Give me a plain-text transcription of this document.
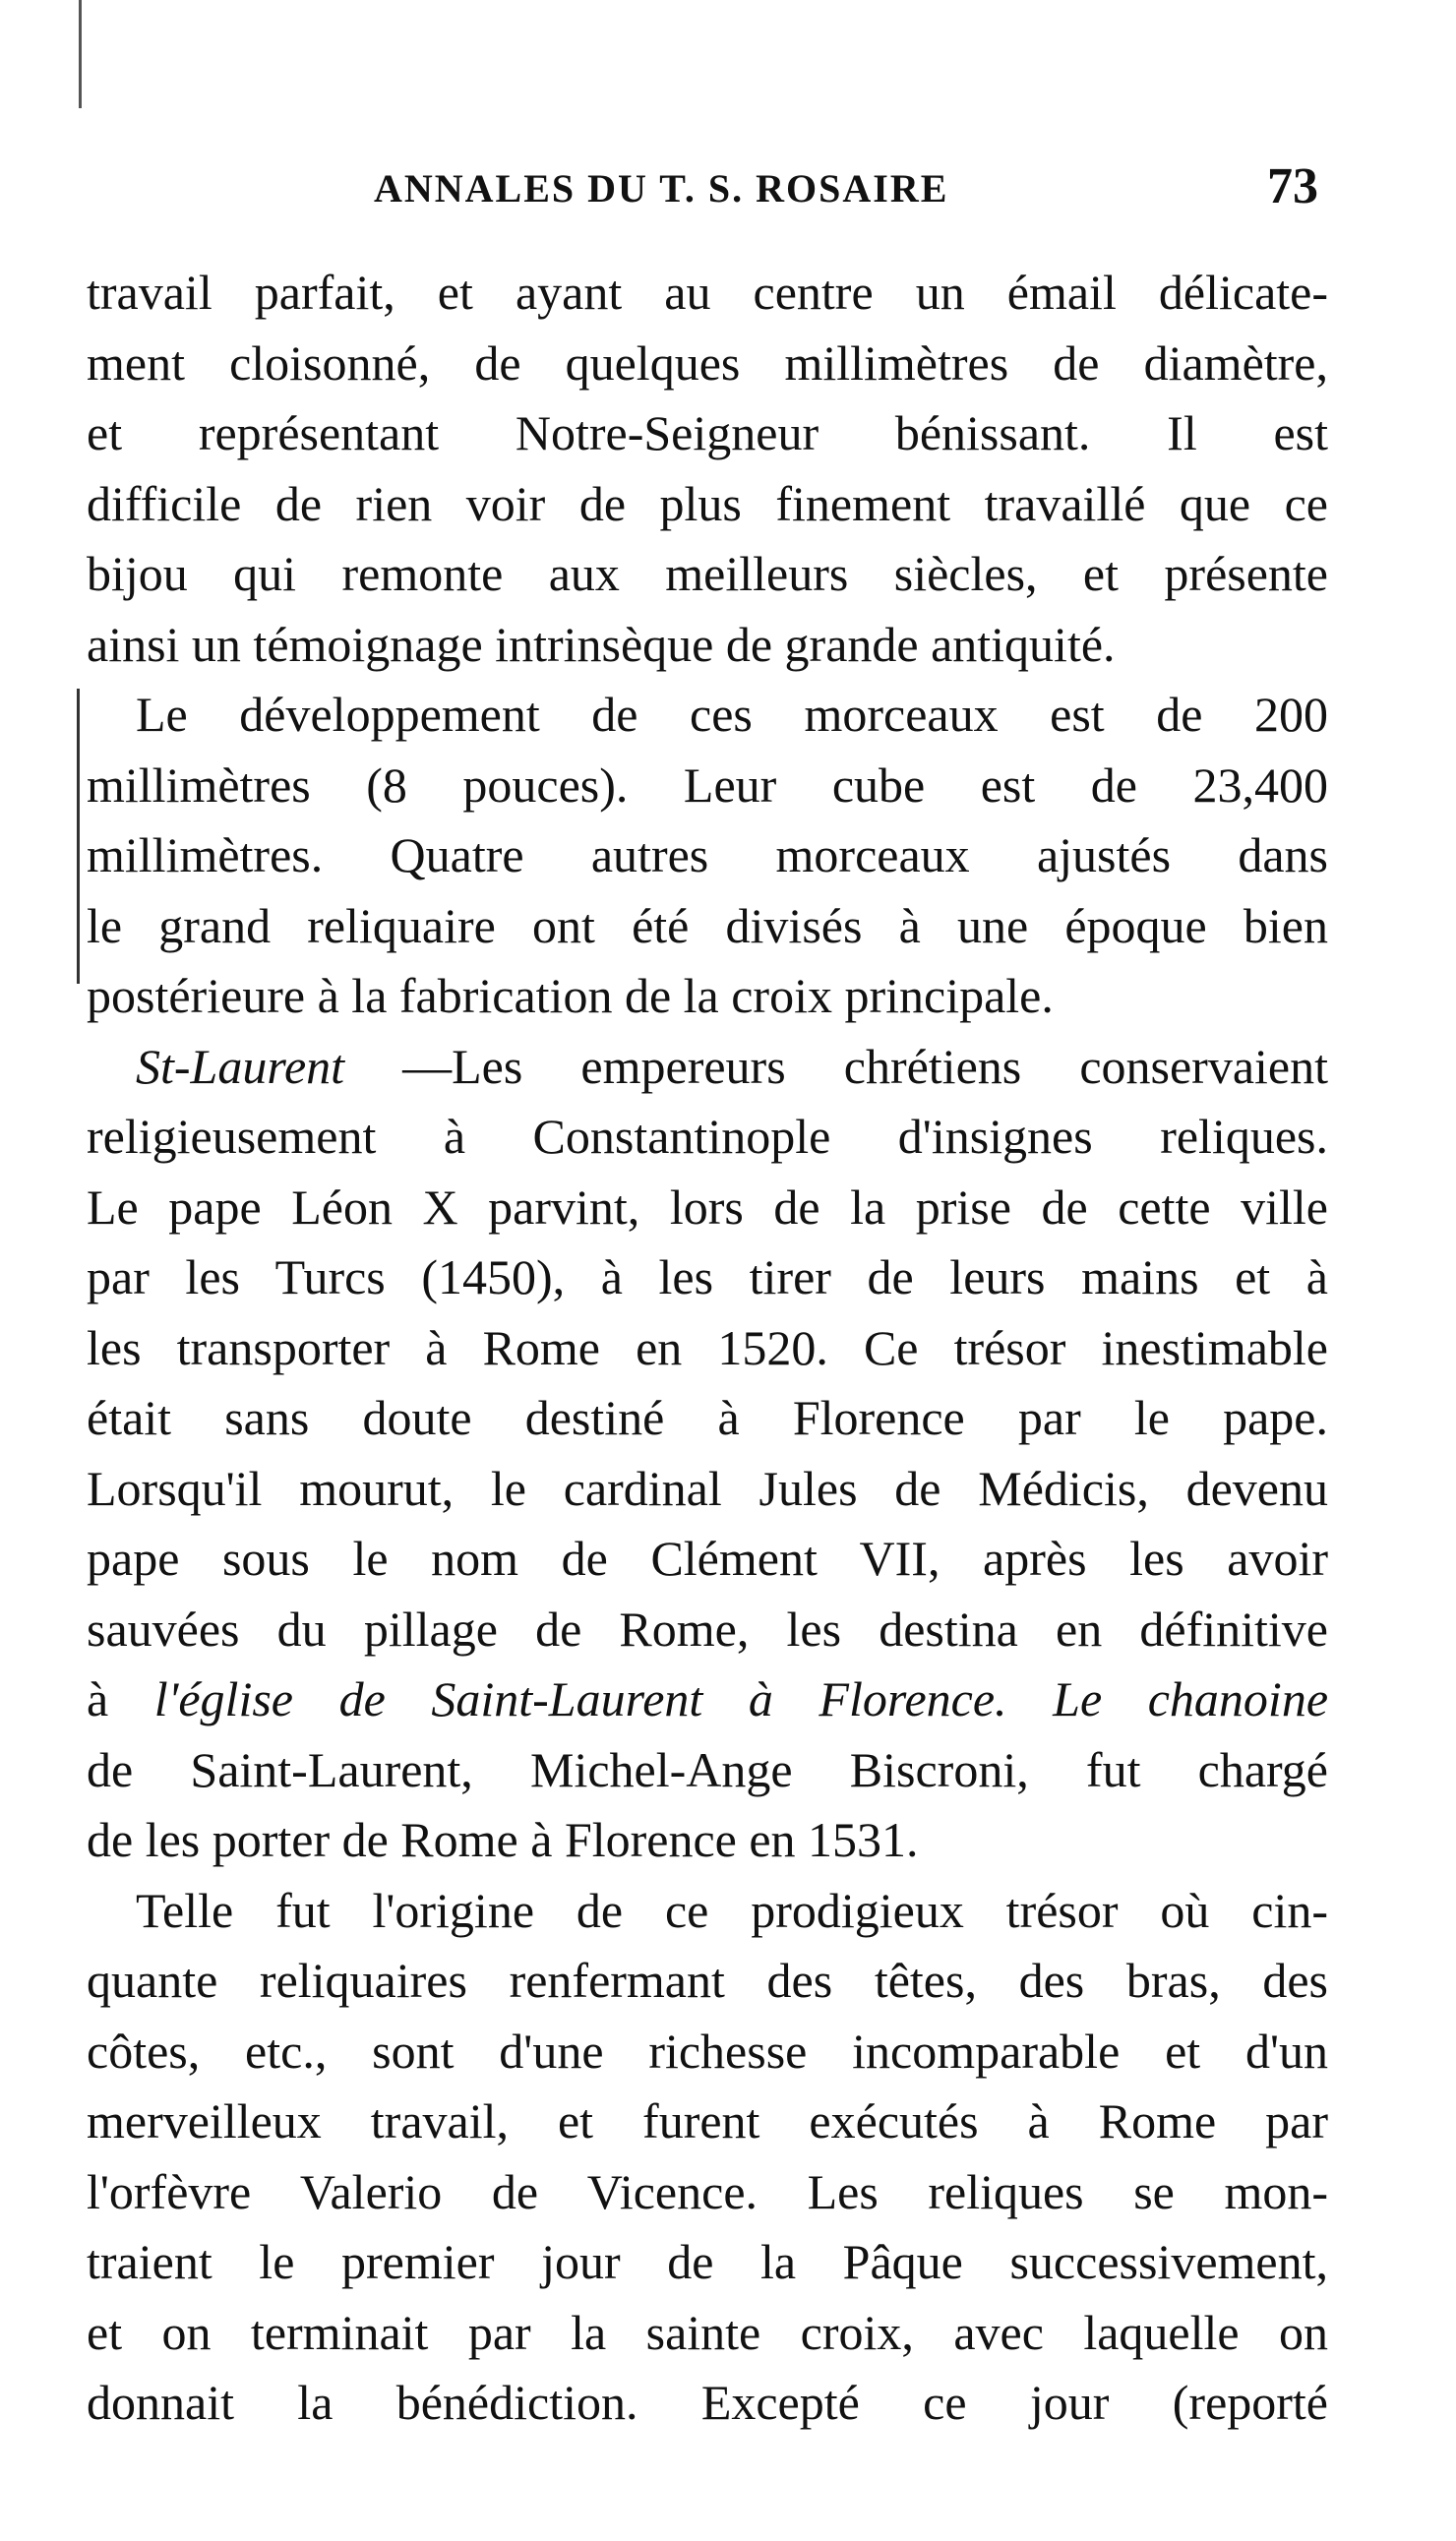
ANNALES DU T. S. ROSAIRE	73
travail parfait, et ayant au centre un émail délicate-
ment cloisonné, de quelques millimètres de diamètre,
et représentant Notre-Seigneur bénissant. Il est
difficile de rien voir de plus finement travaillé que ce
bijou qui remonte aux meilleurs siècles, et présente
ainsi un témoignage intrinsèque de grande antiquité.
Le développement de ces morceaux est de 200
millimètres (8 pouces). Leur cube est de 23,400
millimètres. Quatre autres morceaux ajustés dans
le grand reliquaire ont été divisés à une époque bien
postérieure à la fabrication de la croix principale.
St-Laurent —Les empereurs chrétiens conservaient
religieusement à Constantinople d'insignes reliques.
Le pape Léon X parvint, lors de la prise de cette ville
par les Turcs (1450), à les tirer de leurs mains et à
les transporter à Rome en 1520. Ce trésor inestimable
était sans doute destiné à Florence par le pape.
Lorsqu'il mourut, le cardinal Jules de Médicis, devenu
pape sous le nom de Clément VII, après les avoir
sauvées du pillage de Rome, les destina en définitive
à l'église de Saint-Laurent à Florence. Le chanoine
de Saint-Laurent, Michel-Ange Biscroni, fut chargé
de les porter de Rome à Florence en 1531.
Telle fut l'origine de ce prodigieux trésor où cin-
quante reliquaires renfermant des têtes, des bras, des
côtes, etc., sont d'une richesse incomparable et d'un
merveilleux travail, et furent exécutés à Rome par
l'orfèvre Valerio de Vicence. Les reliques se mon-
traient le premier jour de la Pâque successivement,
et on terminait par la sainte croix, avec laquelle on
donnait la bénédiction. Excepté ce jour (reporté
